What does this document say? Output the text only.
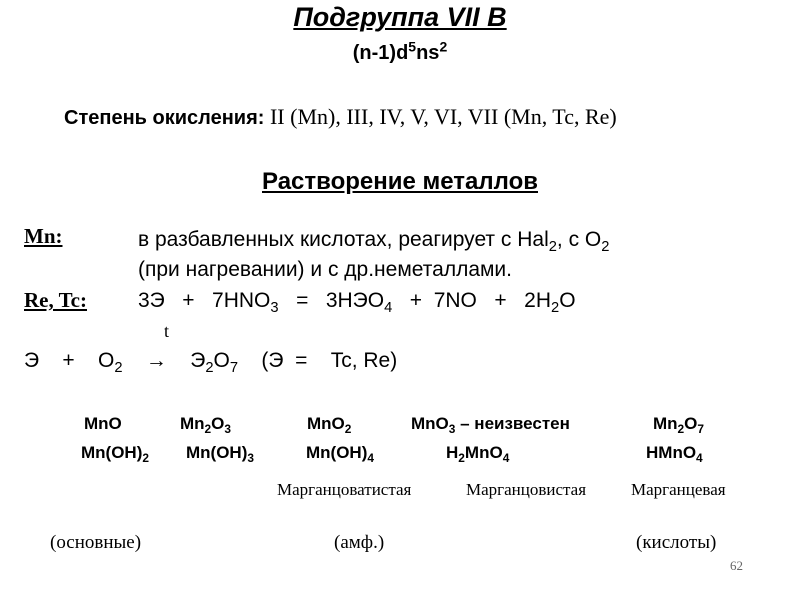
Подгруппа VII B
$(n-1)d^5ns^2$
Степень окисления: II (Mn), III, IV, V, VI, VII (Mn, Tc, Re)
Растворение металлов
Mn:	в разбавленных кислотах, реагирует с Hal$_2$, с $O_2$
(при нагревании) и с др.неметаллами.
Re, Tc: $3Э + 7HNO_3 = 3HЭO_4 + 7NO + 2H_2O$
t
Э    +    $O_2 \to Э_2O_7$ (Э  =    Tc, Re)
MnO	$Mn_2O_3$	MnO$_2$	MnO$_3$ – неизвестен	$Mn_2O_7$
$Mn(OH)_2$ $Mn(OH)_3$	$Mn(OH)_4$	$H_2MnO_4$	HMnO$_4$
Марганцоватистая	Марганцовистая	Марганцевая
(основные)	(амф.)	(кислоты)
62
